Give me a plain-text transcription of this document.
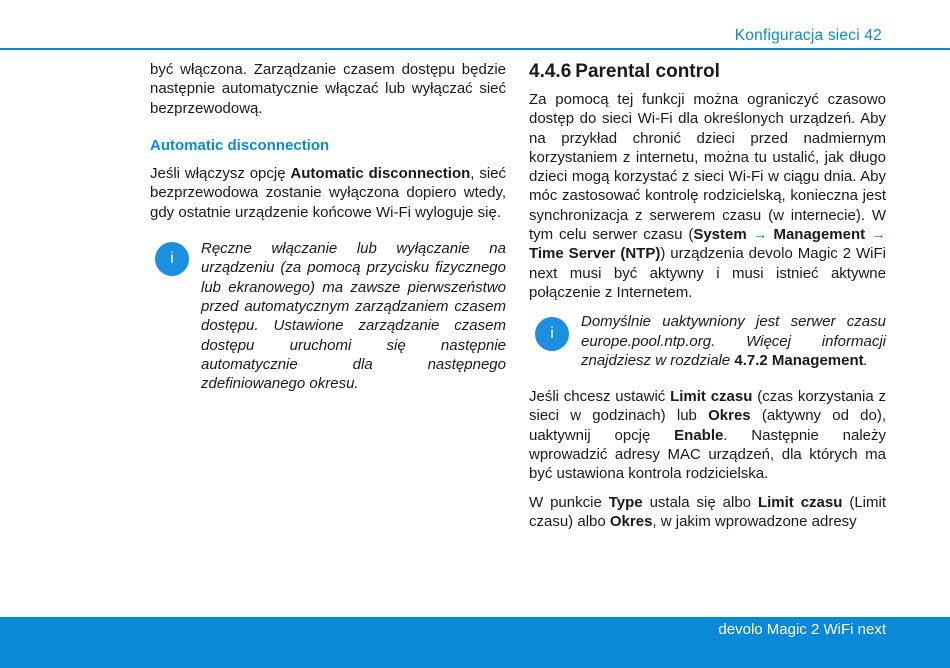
Konfiguracja sieci 42

być włączona. Zarządzanie czasem dostępu będzie następnie automatycznie włączać lub wyłączać sieć bezprzewodową.

Automatic disconnection

Jeśli włączysz opcję Automatic disconnection, sieć bezprzewodowa zostanie wyłączona dopiero wtedy, gdy ostatnie urządzenie końcowe Wi-Fi wyloguje się.

i
Ręczne włączanie lub wyłączanie na urządzeniu (za pomocą przycisku fizycznego lub ekranowego) ma zawsze pierwszeństwo przed automatycznym zarządzaniem czasem dostępu. Ustawione zarządzanie czasem dostępu uruchomi się następnie automatycznie dla następnego zdefiniowanego okresu.
4.4.6 Parental control

Za pomocą tej funkcji można ograniczyć czasowo dostęp do sieci Wi-Fi dla określonych urządzeń. Aby na przykład chronić dzieci przed nadmiernym korzystaniem z internetu, można tu ustalić, jak długo dzieci mogą korzystać z sieci Wi-Fi w ciągu dnia. Aby móc zastosować kontrolę rodzicielską, konieczna jest synchronizacja z serwerem czasu (w internecie). W tym celu serwer czasu (System → Management → Time Server (NTP)) urządzenia devolo Magic 2 WiFi next musi być aktywny i musi istnieć aktywne połączenie z Internetem.

i
Domyślnie uaktywniony jest serwer czasu europe.pool.ntp.org. Więcej informacji znajdziesz w rozdziale 4.7.2 Management.

Jeśli chcesz ustawić Limit czasu (czas korzystania z sieci w godzinach) lub Okres (aktywny od do), uaktywnij opcję Enable. Następnie należy wprowadzić adresy MAC urządzeń, dla których ma być ustawiona kontrola rodzicielska.

W punkcie Type ustala się albo Limit czasu (Limit czasu) albo Okres, w jakim wprowadzone adresy

devolo Magic 2 WiFi next
